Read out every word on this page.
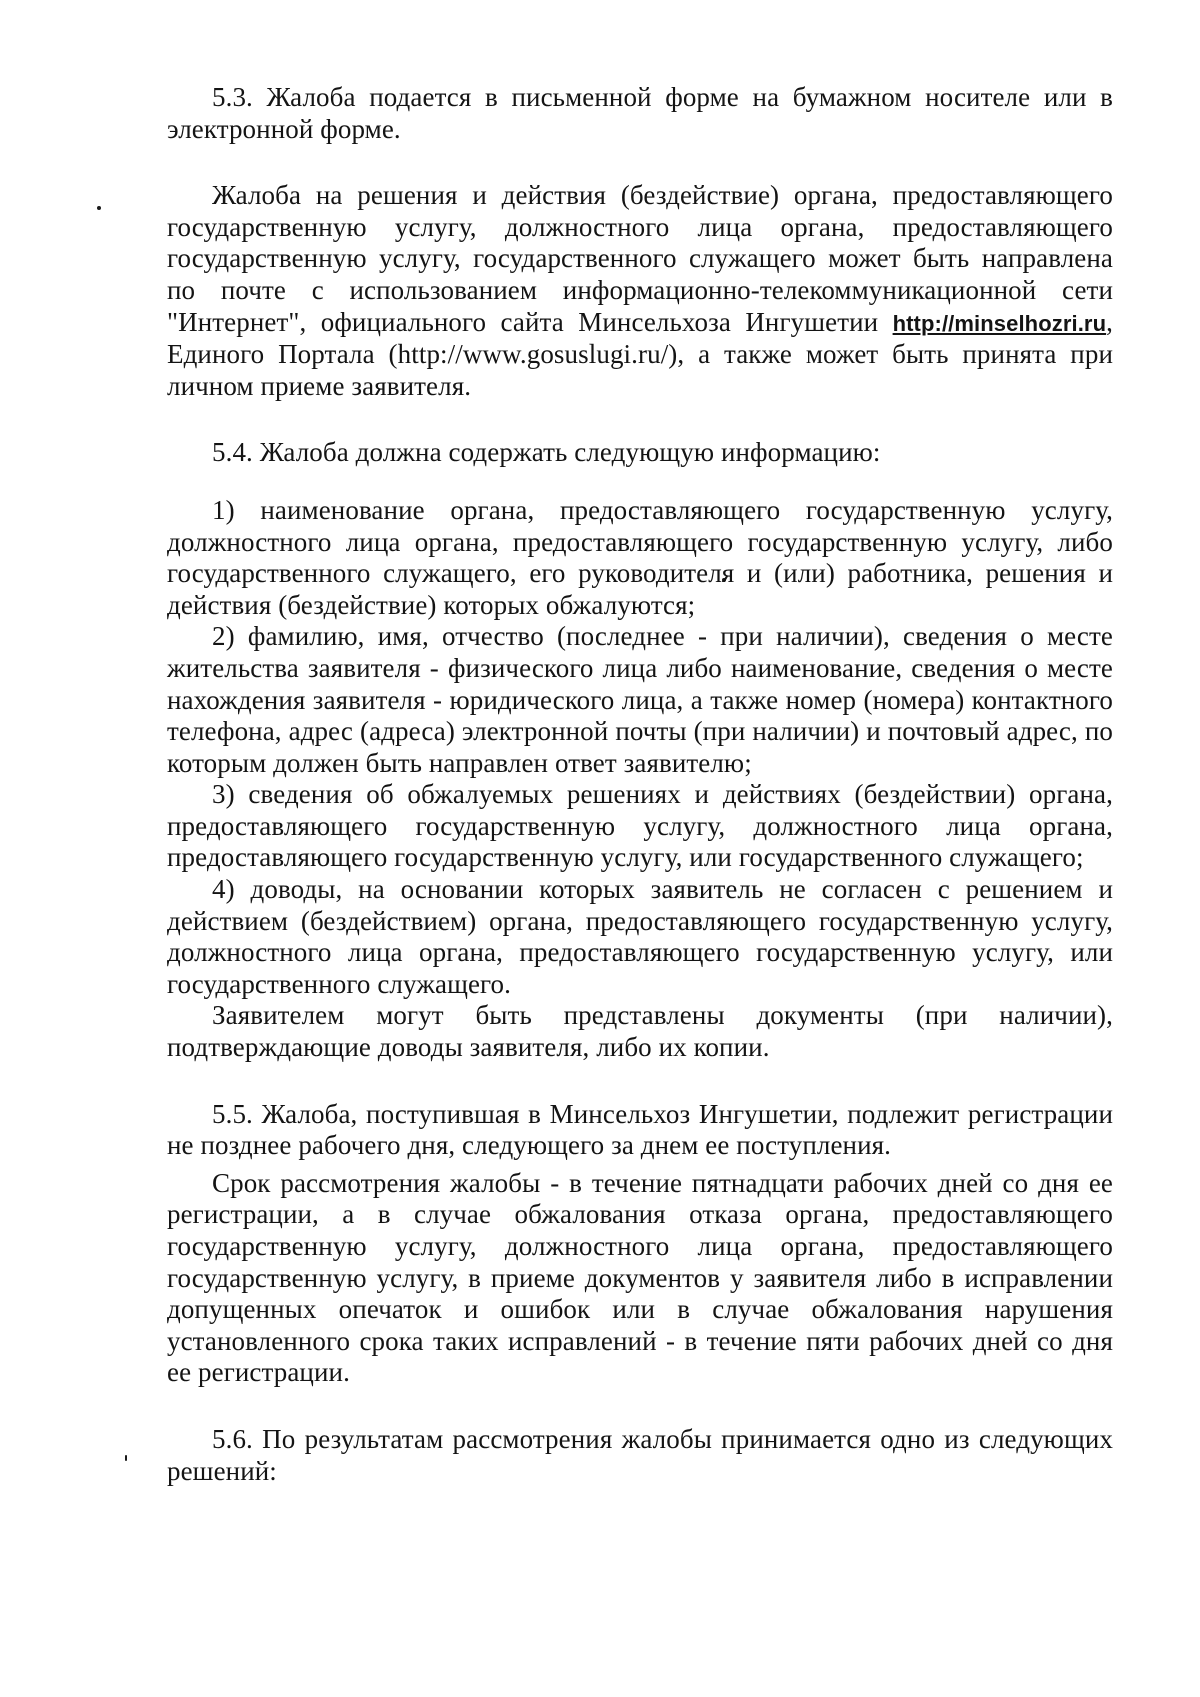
5.3. Жалоба подается в письменной форме на бумажном носителе или в электронной форме.

Жалоба на решения и действия (бездействие) органа, предоставляющего государственную услугу, должностного лица органа, предоставляющего государственную услугу, государственного служащего может быть направлена по почте с использованием информационно-телекоммуникационной сети "Интернет", официального сайта Минсельхоза Ингушетии http://minselhozri.ru, Единого Портала (http://www.gosuslugi.ru/), а также может быть принята при личном приеме заявителя.

5.4. Жалоба должна содержать следующую информацию:

1) наименование органа, предоставляющего государственную услугу, должностного лица органа, предоставляющего государственную услугу, либо государственного служащего, его руководителя и (или) работника, решения и действия (бездействие) которых обжалуются;

2) фамилию, имя, отчество (последнее - при наличии), сведения о месте жительства заявителя - физического лица либо наименование, сведения о месте нахождения заявителя - юридического лица, а также номер (номера) контактного телефона, адрес (адреса) электронной почты (при наличии) и почтовый адрес, по которым должен быть направлен ответ заявителю;

3) сведения об обжалуемых решениях и действиях (бездействии) органа, предоставляющего государственную услугу, должностного лица органа, предоставляющего государственную услугу, или государственного служащего;

4) доводы, на основании которых заявитель не согласен с решением и действием (бездействием) органа, предоставляющего государственную услугу, должностного лица органа, предоставляющего государственную услугу, или государственного служащего.

Заявителем могут быть представлены документы (при наличии), подтверждающие доводы заявителя, либо их копии.

5.5. Жалоба, поступившая в Минсельхоз Ингушетии, подлежит регистрации не позднее рабочего дня, следующего за днем ее поступления.

Срок рассмотрения жалобы - в течение пятнадцати рабочих дней со дня ее регистрации, а в случае обжалования отказа органа, предоставляющего государственную услугу, должностного лица органа, предоставляющего государственную услугу, в приеме документов у заявителя либо в исправлении допущенных опечаток и ошибок или в случае обжалования нарушения установленного срока таких исправлений - в течение пяти рабочих дней со дня ее регистрации.

5.6. По результатам рассмотрения жалобы принимается одно из следующих решений:
